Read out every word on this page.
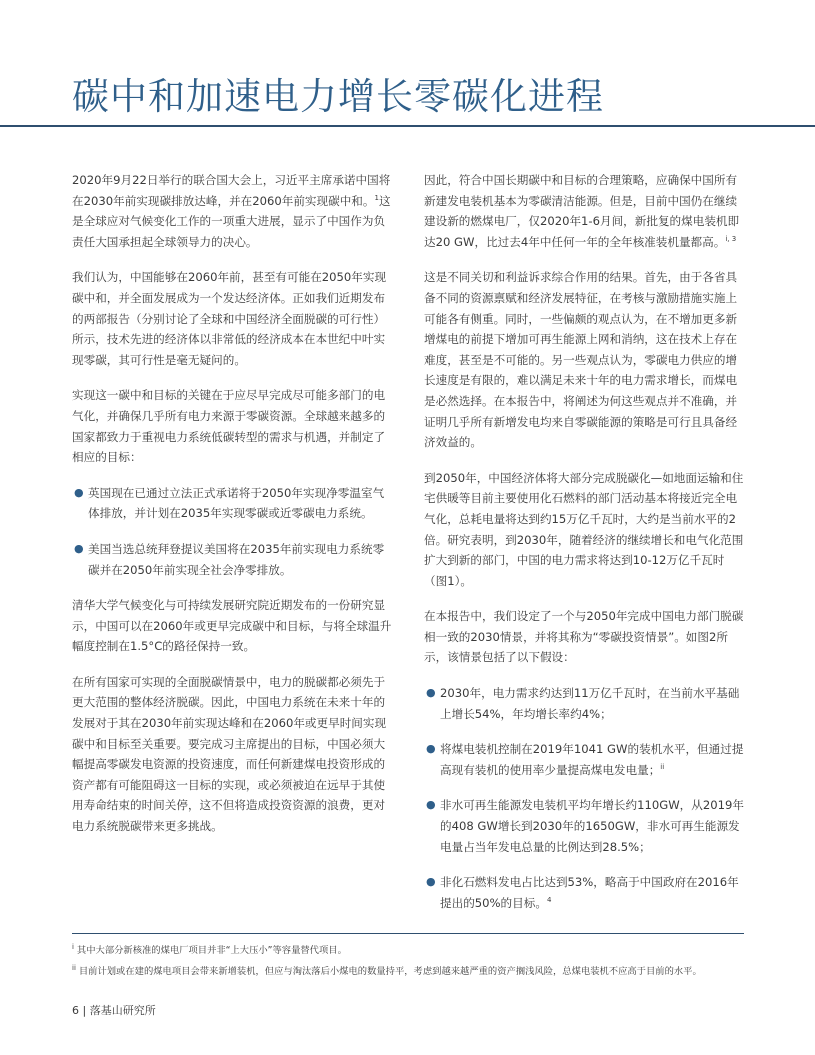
碳中和加速电力增长零碳化进程

2020年9月22日举行的联合国大会上，习近平主席承诺中国将在2030年前实现碳排放达峰，并在2060年前实现碳中和。$^1$这是全球应对气候变化工作的一项重大进展，显示了中国作为负责任大国承担起全球领导力的决心。

我们认为，中国能够在2060年前，甚至有可能在2050年实现碳中和，并全面发展成为一个发达经济体。正如我们近期发布的两部报告（分别讨论了全球和中国经济全面脱碳的可行性）所示，技术先进的经济体以非常低的经济成本在本世纪中叶实现零碳，其可行性是毫无疑问的。

实现这一碳中和目标的关键在于应尽早完成尽可能多部门的电气化，并确保几乎所有电力来源于零碳资源。全球越来越多的国家都致力于重视电力系统低碳转型的需求与机遇，并制定了相应的目标：

● 英国现在已通过立法正式承诺将于2050年实现净零温室气体排放，并计划在2035年实现零碳或近零碳电力系统。
● 美国当选总统拜登提议美国将在2035年前实现电力系统零碳并在2050年前实现全社会净零排放。

清华大学气候变化与可持续发展研究院近期发布的一份研究显示，中国可以在2060年或更早完成碳中和目标，与将全球温升幅度控制在1.5°C的路径保持一致。

在所有国家可实现的全面脱碳情景中，电力的脱碳都必须先于更大范围的整体经济脱碳。因此，中国电力系统在未来十年的发展对于其在2030年前实现达峰和在2060年或更早时间实现碳中和目标至关重要。要完成习主席提出的目标，中国必须大幅提高零碳发电资源的投资速度，而任何新建煤电投资形成的资产都有可能阻碍这一目标的实现，或必须被迫在远早于其使用寿命结束的时间关停，这不但将造成投资资源的浪费，更对电力系统脱碳带来更多挑战。

因此，符合中国长期碳中和目标的合理策略，应确保中国所有新建发电装机基本为零碳清洁能源。但是，目前中国仍在继续建设新的燃煤电厂，仅2020年1-6月间，新批复的煤电装机即达20 GW，比过去4年中任何一年的全年核准装机量都高。$^{i, 3}$

这是不同关切和利益诉求综合作用的结果。首先，由于各省具备不同的资源禀赋和经济发展特征，在考核与激励措施实施上可能各有侧重。同时，一些偏颇的观点认为，在不增加更多新增煤电的前提下增加可再生能源上网和消纳，这在技术上存在难度，甚至是不可能的。另一些观点认为，零碳电力供应的增长速度是有限的，难以满足未来十年的电力需求增长，而煤电是必然选择。在本报告中，将阐述为何这些观点并不准确，并证明几乎所有新增发电均来自零碳能源的策略是可行且具备经济效益的。

到2050年，中国经济体将大部分完成脱碳化—如地面运输和住宅供暖等目前主要使用化石燃料的部门活动基本将接近完全电气化，总耗电量将达到约15万亿千瓦时，大约是当前水平的2倍。研究表明，到2030年，随着经济的继续增长和电气化范围扩大到新的部门，中国的电力需求将达到10-12万亿千瓦时（图1）。

在本报告中，我们设定了一个与2050年完成中国电力部门脱碳相一致的2030情景，并将其称为“零碳投资情景”。如图2所示，该情景包括了以下假设：

● 2030年，电力需求约达到11万亿千瓦时，在当前水平基础上增长54%，年均增长率约4%；
● 将煤电装机控制在2019年1041 GW的装机水平，但通过提高现有装机的使用率少量提高煤电发电量；$^{ii}$
● 非水可再生能源发电装机平均年增长约110GW，从2019年的408 GW增长到2030年的1650GW，非水可再生能源发电量占当年发电总量的比例达到28.5%；
● 非化石燃料发电占比达到53%，略高于中国政府在2016年提出的50%的目标。$^4$
$^i$ 其中大部分新核准的煤电厂项目并非“上大压小”等容量替代项目。
$^{ii}$ 目前计划或在建的煤电项目会带来新增装机，但应与淘汰落后小煤电的数量持平，考虑到越来越严重的资产搁浅风险，总煤电装机不应高于目前的水平。
6 | 落基山研究所
